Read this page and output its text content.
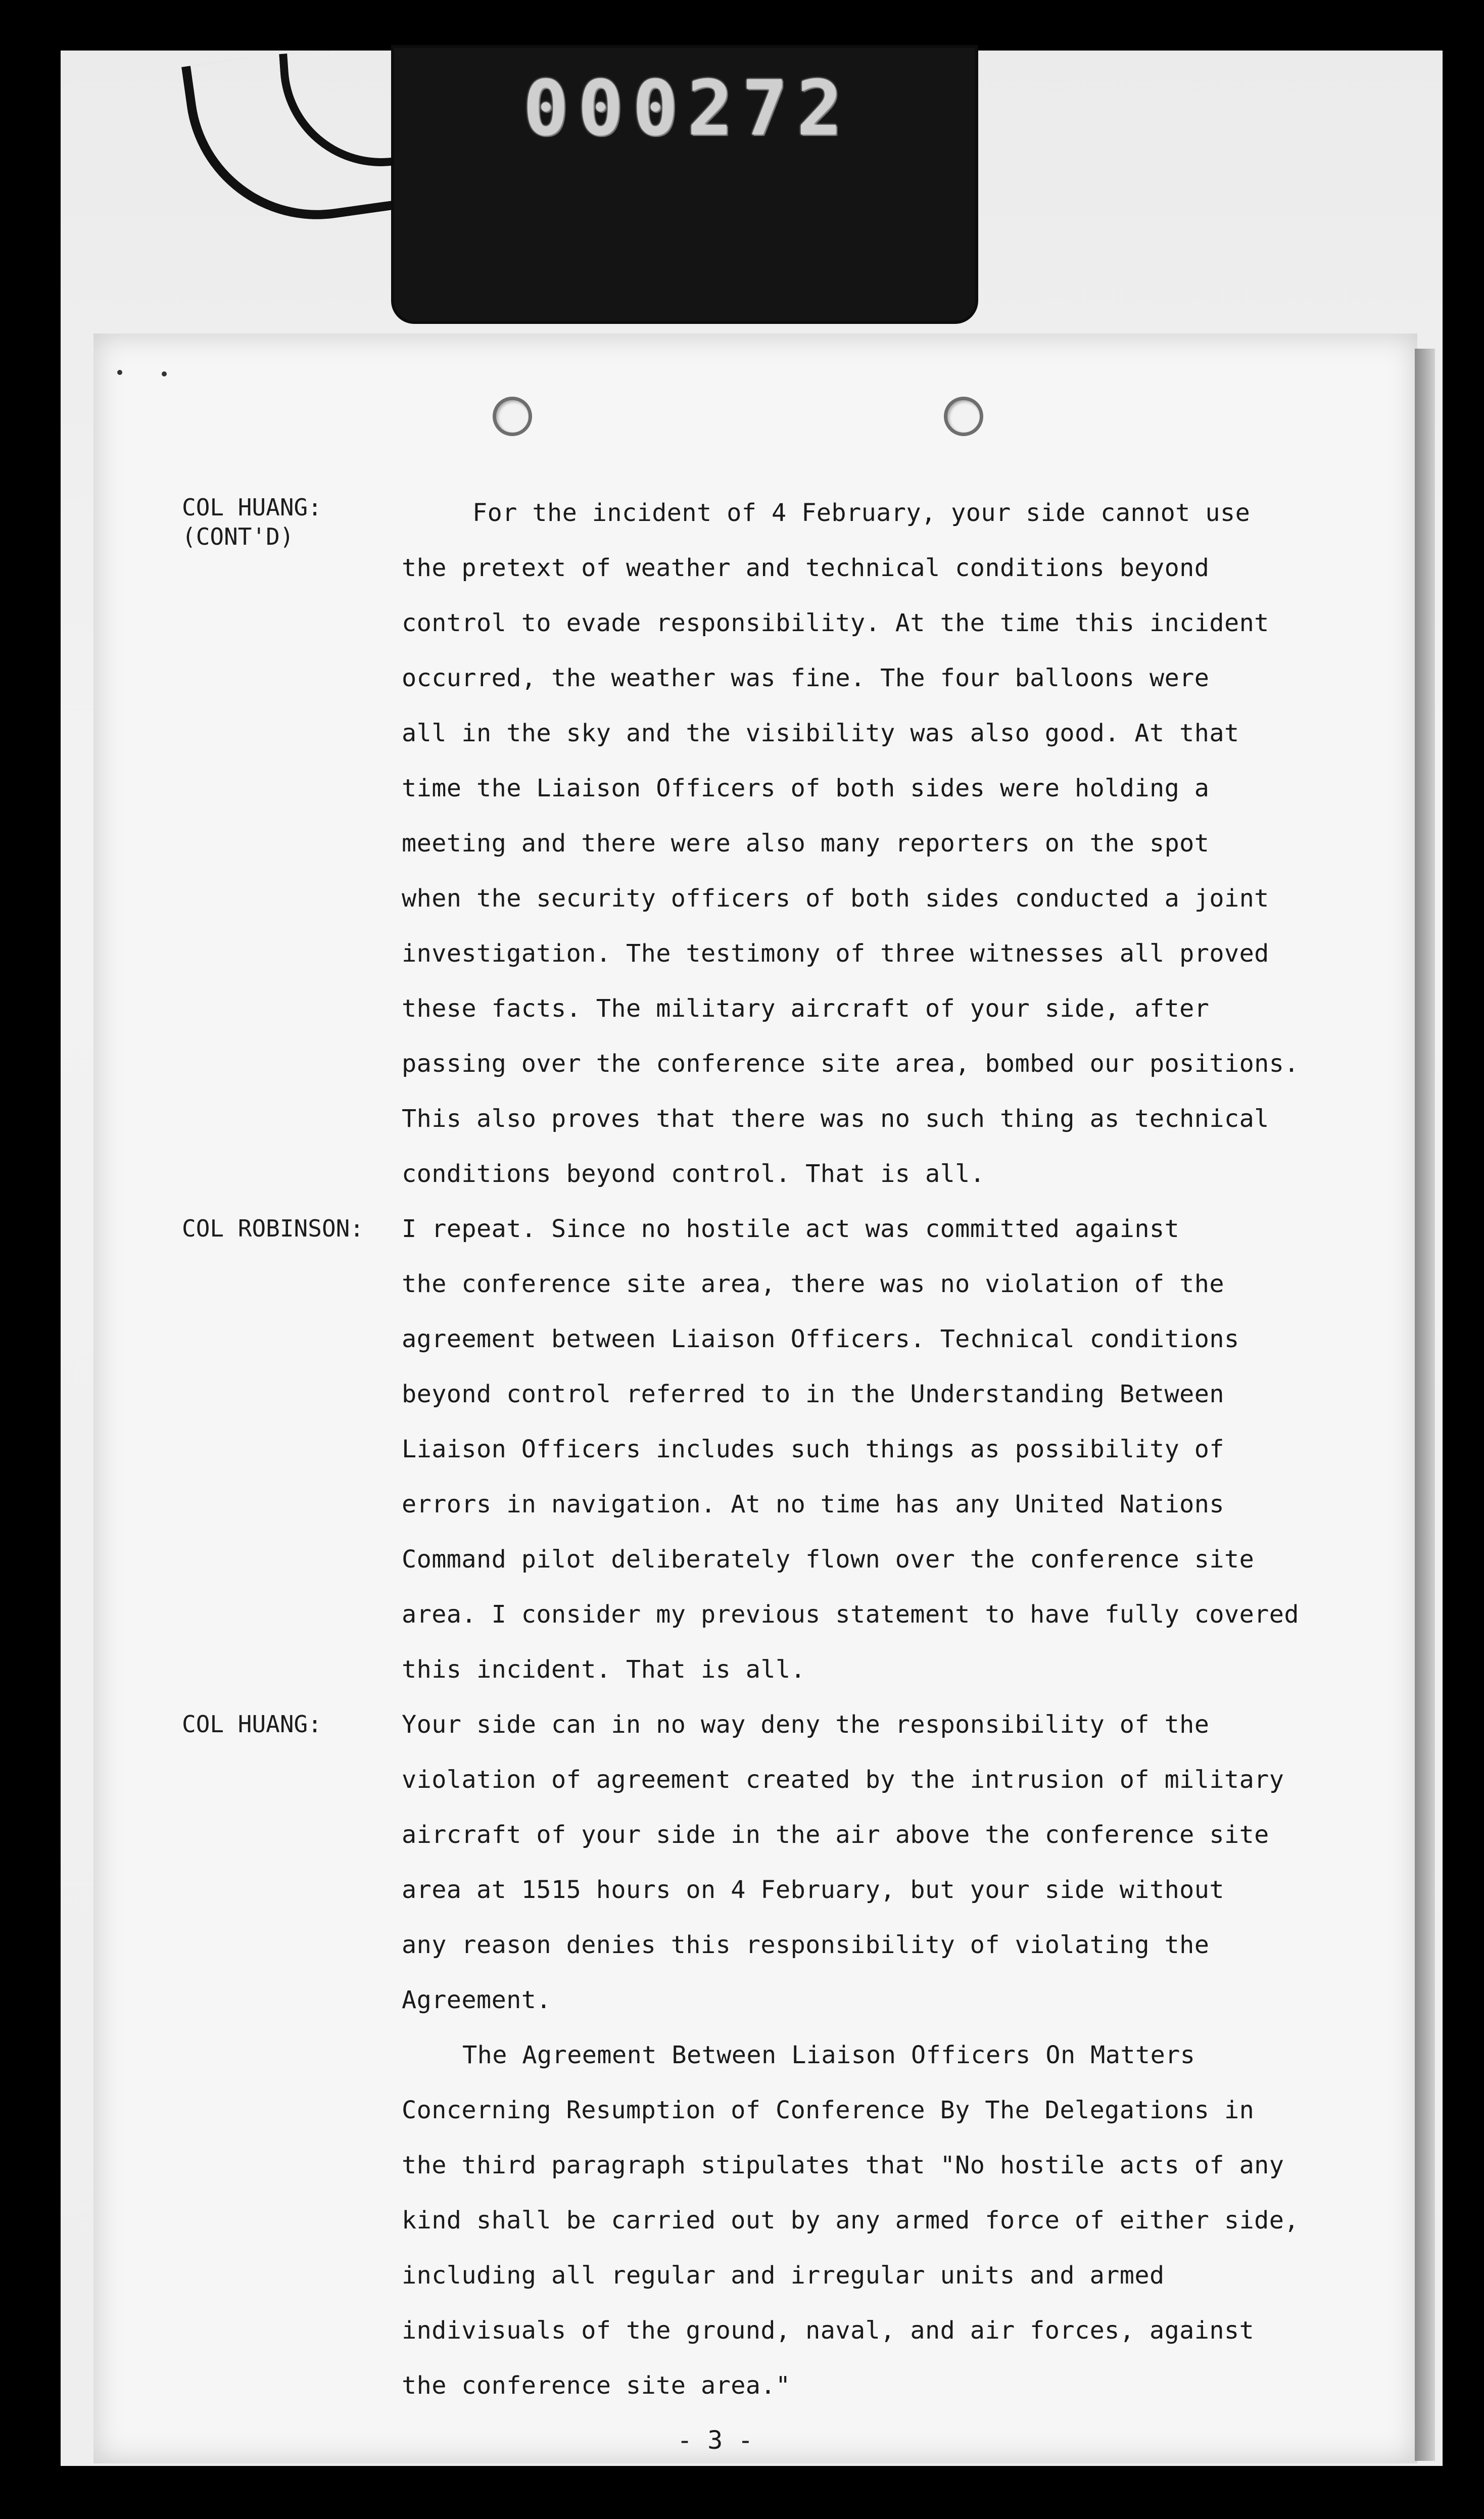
000272
COL HUANG:
(CONT'D)
For the incident of 4 February, your side cannot use
the pretext of weather and technical conditions beyond
control to evade responsibility. At the time this incident
occurred, the weather was fine. The four balloons were
all in the sky and the visibility was also good. At that
time the Liaison Officers of both sides were holding a
meeting and there were also many reporters on the spot
when the security officers of both sides conducted a joint
investigation. The testimony of three witnesses all proved
these facts. The military aircraft of your side, after
passing over the conference site area, bombed our positions.
This also proves that there was no such thing as technical
conditions beyond control. That is all.
COL ROBINSON: I repeat. Since no hostile act was committed against
the conference site area, there was no violation of the
agreement between Liaison Officers. Technical conditions
beyond control referred to in the Understanding Between
Liaison Officers includes such things as possibility of
errors in navigation. At no time has any United Nations
Command pilot deliberately flown over the conference site
area. I consider my previous statement to have fully covered
this incident. That is all.
COL HUANG:	Your side can in no way deny the responsibility of the
violation of agreement created by the intrusion of military
aircraft of your side in the air above the conference site
area at 1515 hours on 4 February, but your side without
any reason denies this responsibility of violating the
Agreement.
The Agreement Between Liaison Officers On Matters
Concerning Resumption of Conference By The Delegations in
the third paragraph stipulates that "No hostile acts of any
kind shall be carried out by any armed force of either side,
including all regular and irregular units and armed
indivisuals of the ground, naval, and air forces, against
the conference site area."
- 3 -
